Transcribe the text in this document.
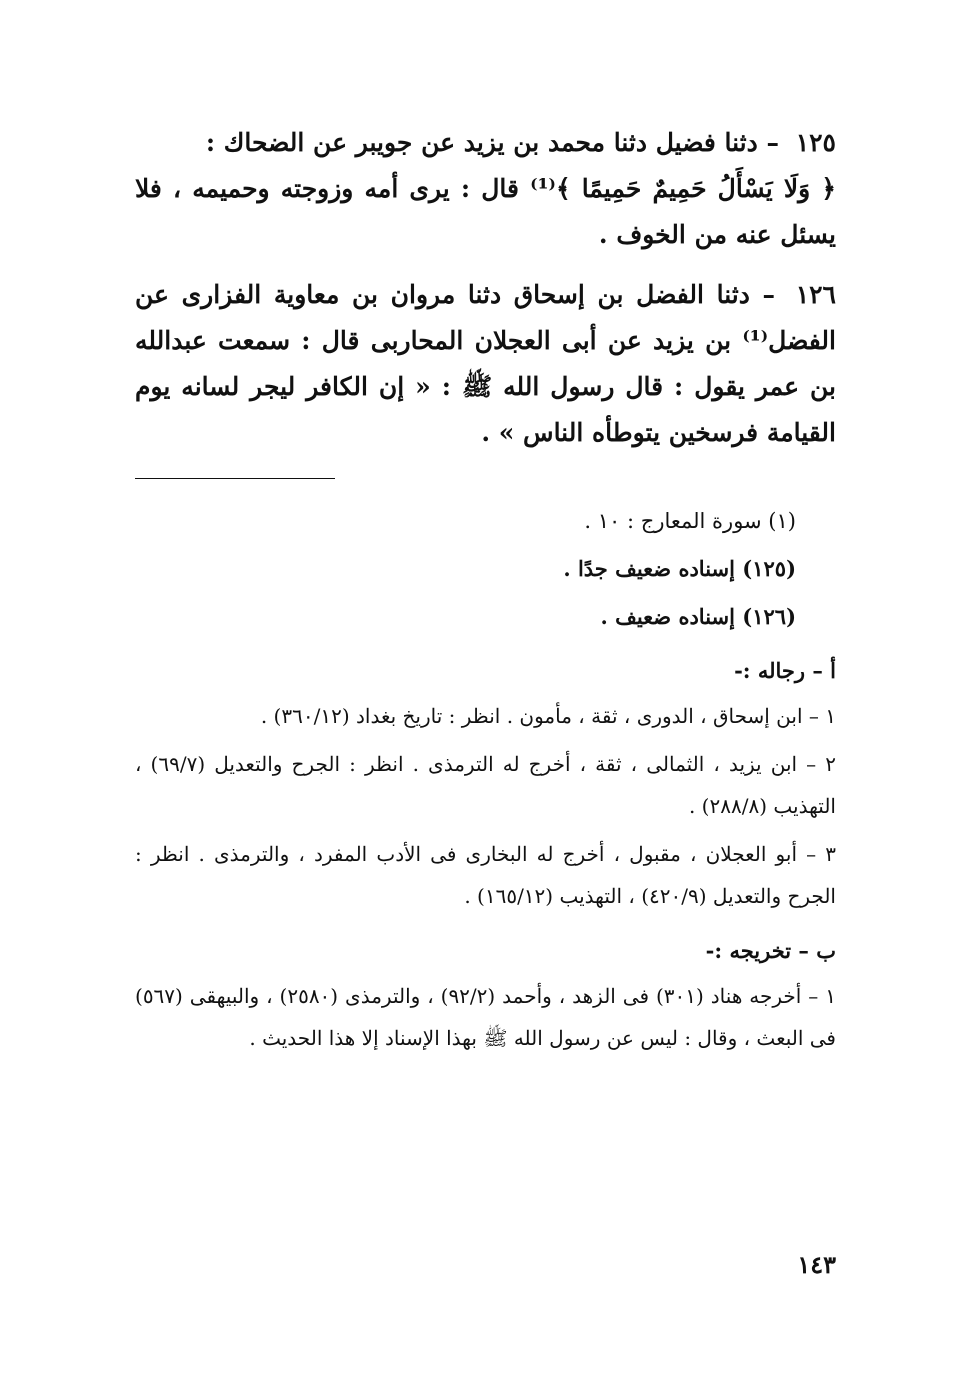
١٢٥ – دثنا فضيل دثنا محمد بن يزيد عن جويبر عن الضحاك :
﴿ وَلَا يَسْأَلُ حَمِيمٌ حَمِيمًا ﴾⁽¹⁾ قال : يرى أمه وزوجته وحميمه ، فلا يسئل عنه من الخوف .

١٢٦ – دثنا الفضل بن إسحاق دثنا مروان بن معاوية الفزارى عن الفضل⁽¹⁾ بن يزيد عن أبى العجلان المحاربى قال : سمعت عبدالله بن عمر يقول : قال رسول الله ﷺ : « إن الكافر ليجر لسانه يوم القيامة فرسخين يتوطأه الناس » .

(١) سورة المعارج : ١٠ .

(١٢٥) إسناده ضعيف جدًا .

(١٢٦) إسناده ضعيف .

أ – رجاله :-

١ – ابن إسحاق ، الدورى ، ثقة ، مأمون . انظر : تاريخ بغداد (٣٦٠/١٢) .

٢ – ابن يزيد ، الثمالى ، ثقة ، أخرج له الترمذى . انظر : الجرح والتعديل (٦٩/٧) ، التهذيب (٢٨٨/٨) .

٣ – أبو العجلان ، مقبول ، أخرج له البخارى فى الأدب المفرد ، والترمذى . انظر : الجرح والتعديل (٤٢٠/٩) ، التهذيب (١٦٥/١٢) .

ب – تخريجه :-

١ – أخرجه هناد (٣٠١) فى الزهد ، وأحمد (٩٢/٢) ، والترمذى (٢٥٨٠) ، والبيهقى (٥٦٧) فى البعث ، وقال : ليس عن رسول الله ﷺ بهذا الإسناد إلا هذا الحديث .

١٤٣
